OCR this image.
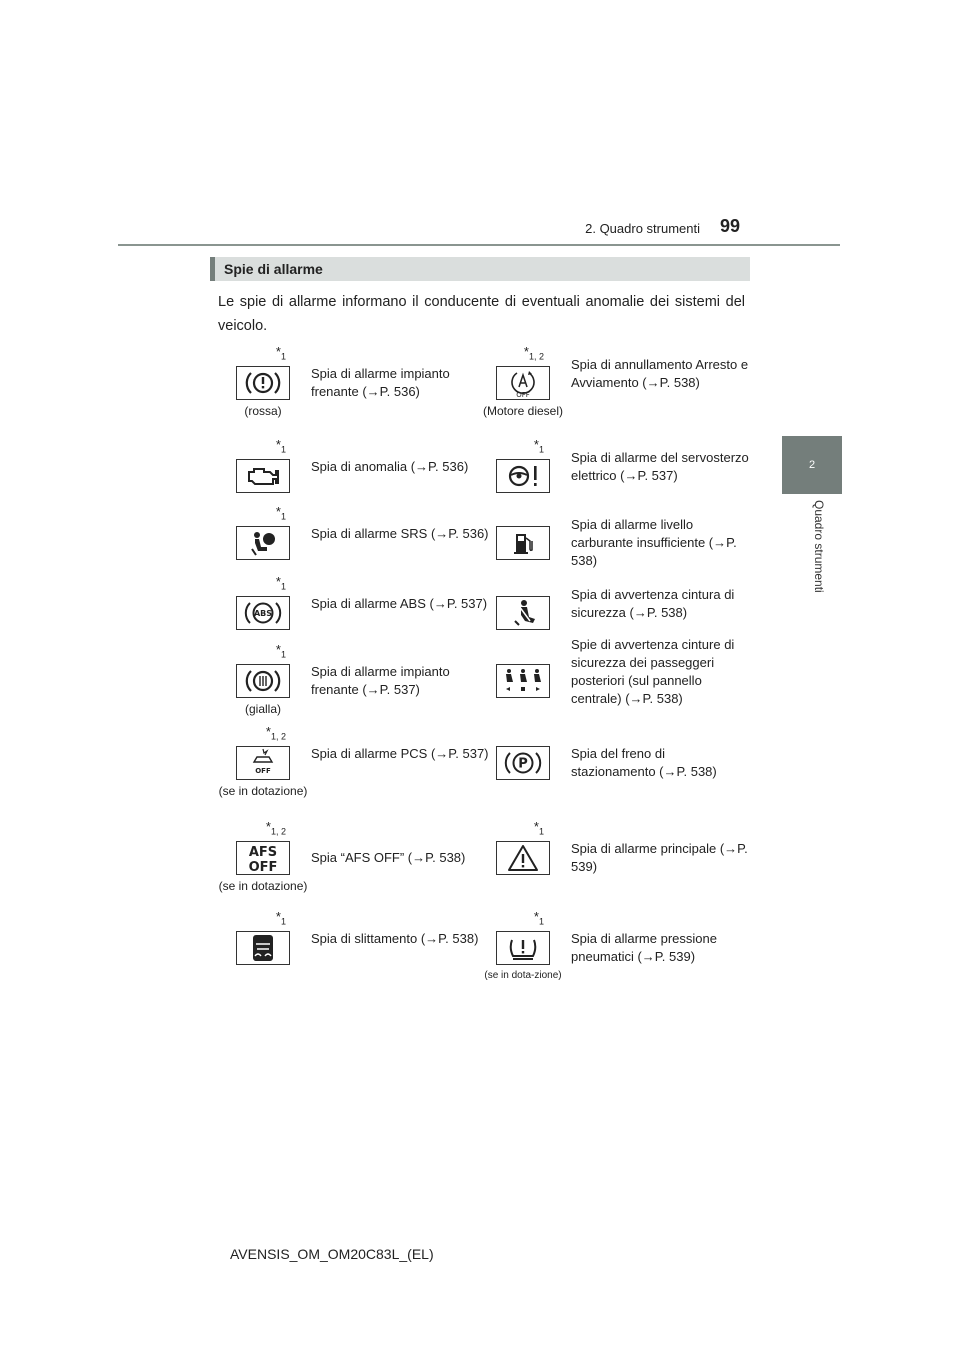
2. Quadro strumenti 99
2
Quadro strumenti
Spie di allarme
Le spie di allarme informano il conducente di eventuali anomalie dei sistemi del veicolo.
$*_1$
(rossa)
Spia di allarme impianto frenante (→P. 536)
$*_{1, 2}$
OFF
(Motore diesel)
Spia di annullamento Arresto e Avviamento (→P. 538)
$*_1$
Spia di anomalia (→P. 536)
$*_1$
Spia di allarme del servosterzo elettrico (→P. 537)
$*_1$
Spia di allarme SRS (→P. 536)
Spia di allarme livello carburante insufficiente (→P. 538)
$*_1$
ABS
Spia di allarme ABS (→P. 537)
Spia di avvertenza cintura di sicurezza (→P. 538)
$*_1$
(gialla)
Spia di allarme impianto frenante (→P. 537)
Spie di avvertenza cinture di sicurezza dei passeggeri posteriori (sul pannello centrale) (→P. 538)
$*_{1, 2}$
OFF
(se in dotazione)
Spia di allarme PCS (→P. 537)
P
Spia del freno di stazionamento (→P. 538)
$*_{1, 2}$
AFS
OFF
(se in dotazione)
Spia “AFS OFF” (→P. 538)
$*_1$
Spia di allarme principale (→P. 539)
$*_1$
Spia di slittamento (→P. 538)
$*_1$
(se in dota-zione)
Spia di allarme pressione pneumatici (→P. 539)
AVENSIS_OM_OM20C83L_(EL)
